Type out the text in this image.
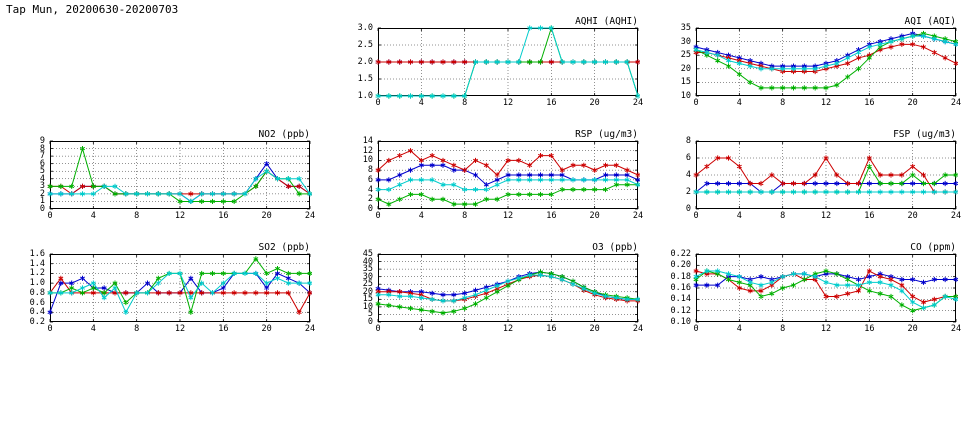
Tap Mun, 20200630-20200703
AQHI (AQHI)
1.0
1.5
2.0
2.5
3.0
0	4	8	12	16	20	24
AQI (AQI)
10
15
20
25
30
35
0	4	8	12	16	20	24
NO2 (ppb)
0
1
2
3
4
5
6
7
8
9
0	4	8	12	16	20	24
RSP (ug/m3)
0
2
4
6
8
10
12
14
0	4	8	12	16	20	24
FSP (ug/m3)
0
2
4
6
8
0	4	8	12	16	20	24
SO2 (ppb)
0.2
0.4
0.6
0.8
1.0
1.2
1.4
1.6
0	4	8	12	16	20	24
O3 (ppb)
0
5
10
15
20
25
30
35
40
45
0	4	8	12	16	20	24
CO (ppm)
0.10
0.12
0.14
0.16
0.18
0.20
0.22
0	4	8	12	16	20	24
